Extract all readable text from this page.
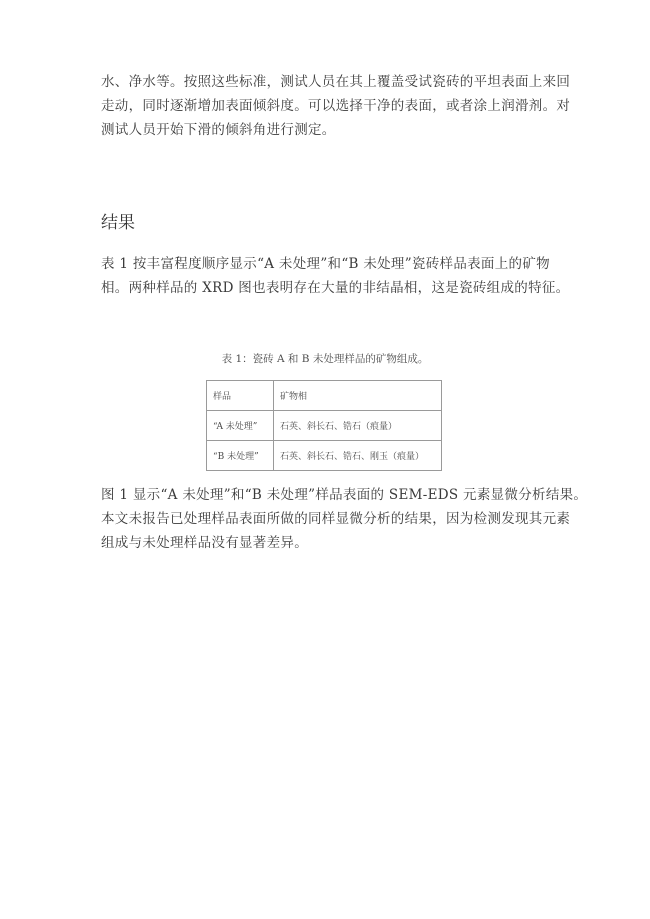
水、净水等。按照这些标准，测试人员在其上覆盖受试瓷砖的平坦表面上来回
走动，同时逐渐增加表面倾斜度。可以选择干净的表面，或者涂上润滑剂。对
测试人员开始下滑的倾斜角进行测定。
结果
表 1 按丰富程度顺序显示“A 未处理”和“B 未处理”瓷砖样品表面上的矿物
相。两种样品的 XRD 图也表明存在大量的非结晶相，这是瓷砖组成的特征。

表 1：瓷砖 A 和 B 未处理样品的矿物组成。

样品	矿物相
“A 未处理”	石英、斜长石、锆石（痕量）
“B 未处理”	石英、斜长石、锆石、刚玉（痕量）
图 1 显示“A 未处理”和“B 未处理”样品表面的 SEM-EDS 元素显微分析结果。
本文未报告已处理样品表面所做的同样显微分析的结果，因为检测发现其元素
组成与未处理样品没有显著差异。
